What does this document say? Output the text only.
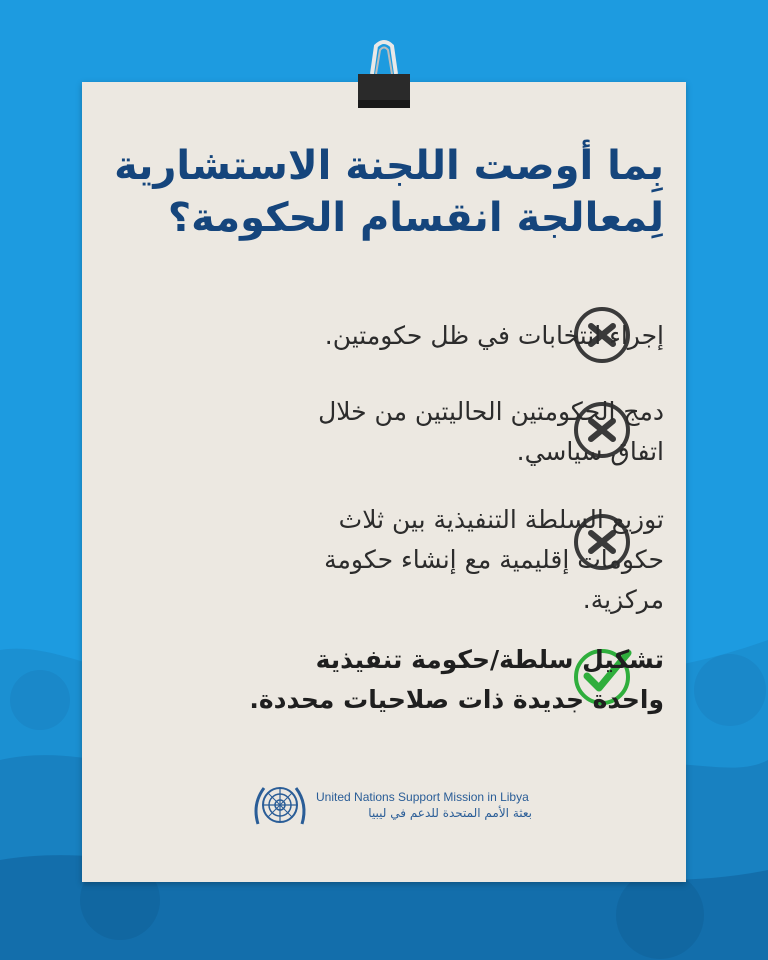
بِما أوصت اللجنة الاستشارية
لِمعالجة انقسام الحكومة؟
إجراء انتخابات في ظل حكومتين.
دمج الحكومتين الحاليتين من خلال
اتفاق سياسي.
توزيع السلطة التنفيذية بين ثلاث
حكومات إقليمية مع إنشاء حكومة
مركزية.
تشكيل سلطة/حكومة تنفيذية
واحدة جديدة ذات صلاحيات محددة.
United Nations Support Mission in Libya
بعثة الأمم المتحدة للدعم في ليبيا
